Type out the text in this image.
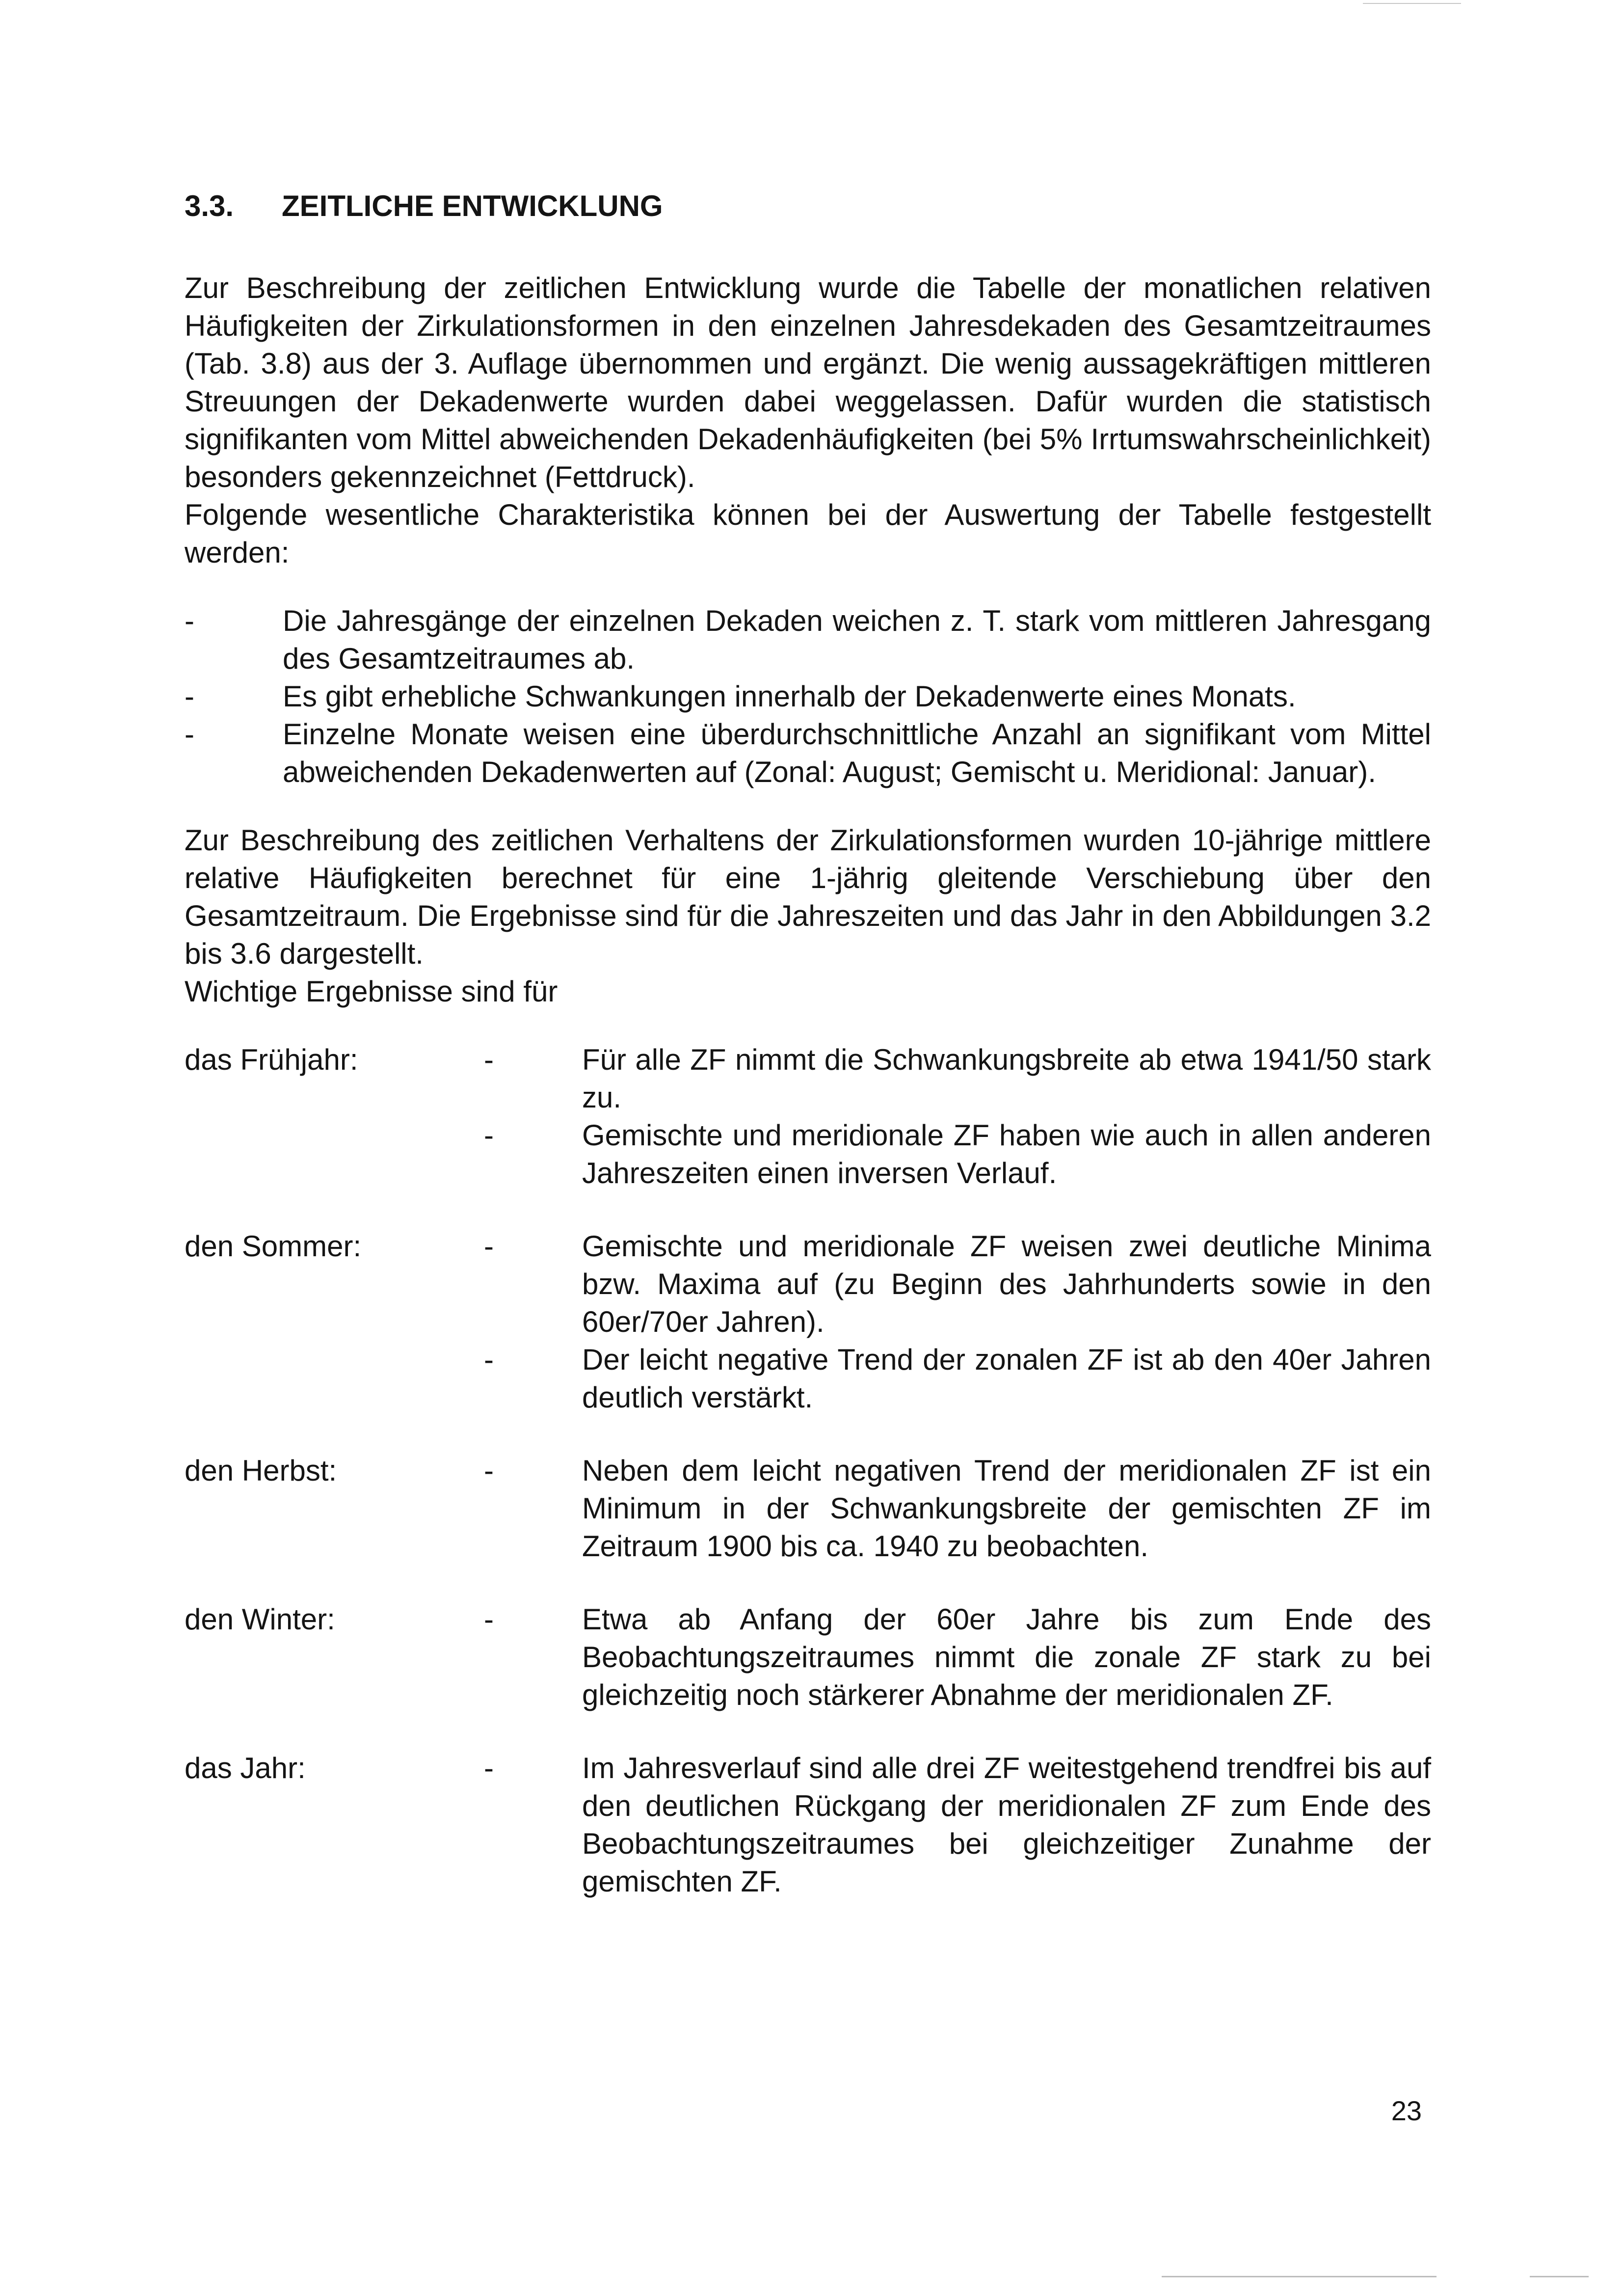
3.3.	ZEITLICHE ENTWICKLUNG

Zur Beschreibung der zeitlichen Entwicklung wurde die Tabelle der monatlichen relativen Häufigkeiten der Zirkulationsformen in den einzelnen Jahresdekaden des Gesamtzeitraumes (Tab. 3.8) aus der 3. Auflage übernommen und ergänzt. Die wenig aussagekräftigen mittleren Streuungen der Dekadenwerte wurden dabei weggelassen. Dafür wurden die statistisch signifikanten vom Mittel abweichenden Dekadenhäufigkeiten (bei 5% Irrtumswahrscheinlichkeit) besonders gekennzeichnet (Fettdruck).

Folgende wesentliche Charakteristika können bei der Auswertung der Tabelle festgestellt werden:

-	Die Jahresgänge der einzelnen Dekaden weichen z. T. stark vom mittleren Jahresgang des Gesamtzeitraumes ab.
-	Es gibt erhebliche Schwankungen innerhalb der Dekadenwerte eines Monats.
-	Einzelne Monate weisen eine überdurchschnittliche Anzahl an signifikant vom Mittel abweichenden Dekadenwerten auf (Zonal: August; Gemischt u. Meridional: Januar).

Zur Beschreibung des zeitlichen Verhaltens der Zirkulationsformen wurden 10-jährige mittlere relative Häufigkeiten berechnet für eine 1-jährig gleitende Verschiebung über den Gesamtzeitraum. Die Ergebnisse sind für die Jahreszeiten und das Jahr in den Abbildungen 3.2 bis 3.6 dargestellt.

Wichtige Ergebnisse sind für

das Frühjahr:	-	Für alle ZF nimmt die Schwankungsbreite ab etwa 1941/50 stark zu.
-	Gemischte und meridionale ZF haben wie auch in allen anderen Jahreszeiten einen inversen Verlauf.
den Sommer:	-	Gemischte und meridionale ZF weisen zwei deutliche Minima bzw. Maxima auf (zu Beginn des Jahrhunderts sowie in den 60er/70er Jahren).
-	Der leicht negative Trend der zonalen ZF ist ab den 40er Jahren deutlich verstärkt.
den Herbst:	-	Neben dem leicht negativen Trend der meridionalen ZF ist ein Minimum in der Schwankungsbreite der gemischten ZF im Zeitraum 1900 bis ca. 1940 zu beobachten.
den Winter:	-	Etwa ab Anfang der 60er Jahre bis zum Ende des Beobachtungszeitraumes nimmt die zonale ZF stark zu bei gleichzeitig noch stärkerer Abnahme der meridionalen ZF.
das Jahr:	-	Im Jahresverlauf sind alle drei ZF weitestgehend trendfrei bis auf den deutlichen Rückgang der meridionalen ZF zum Ende des Beobachtungszeitraumes bei gleichzeitiger Zunahme der gemischten ZF.
23
